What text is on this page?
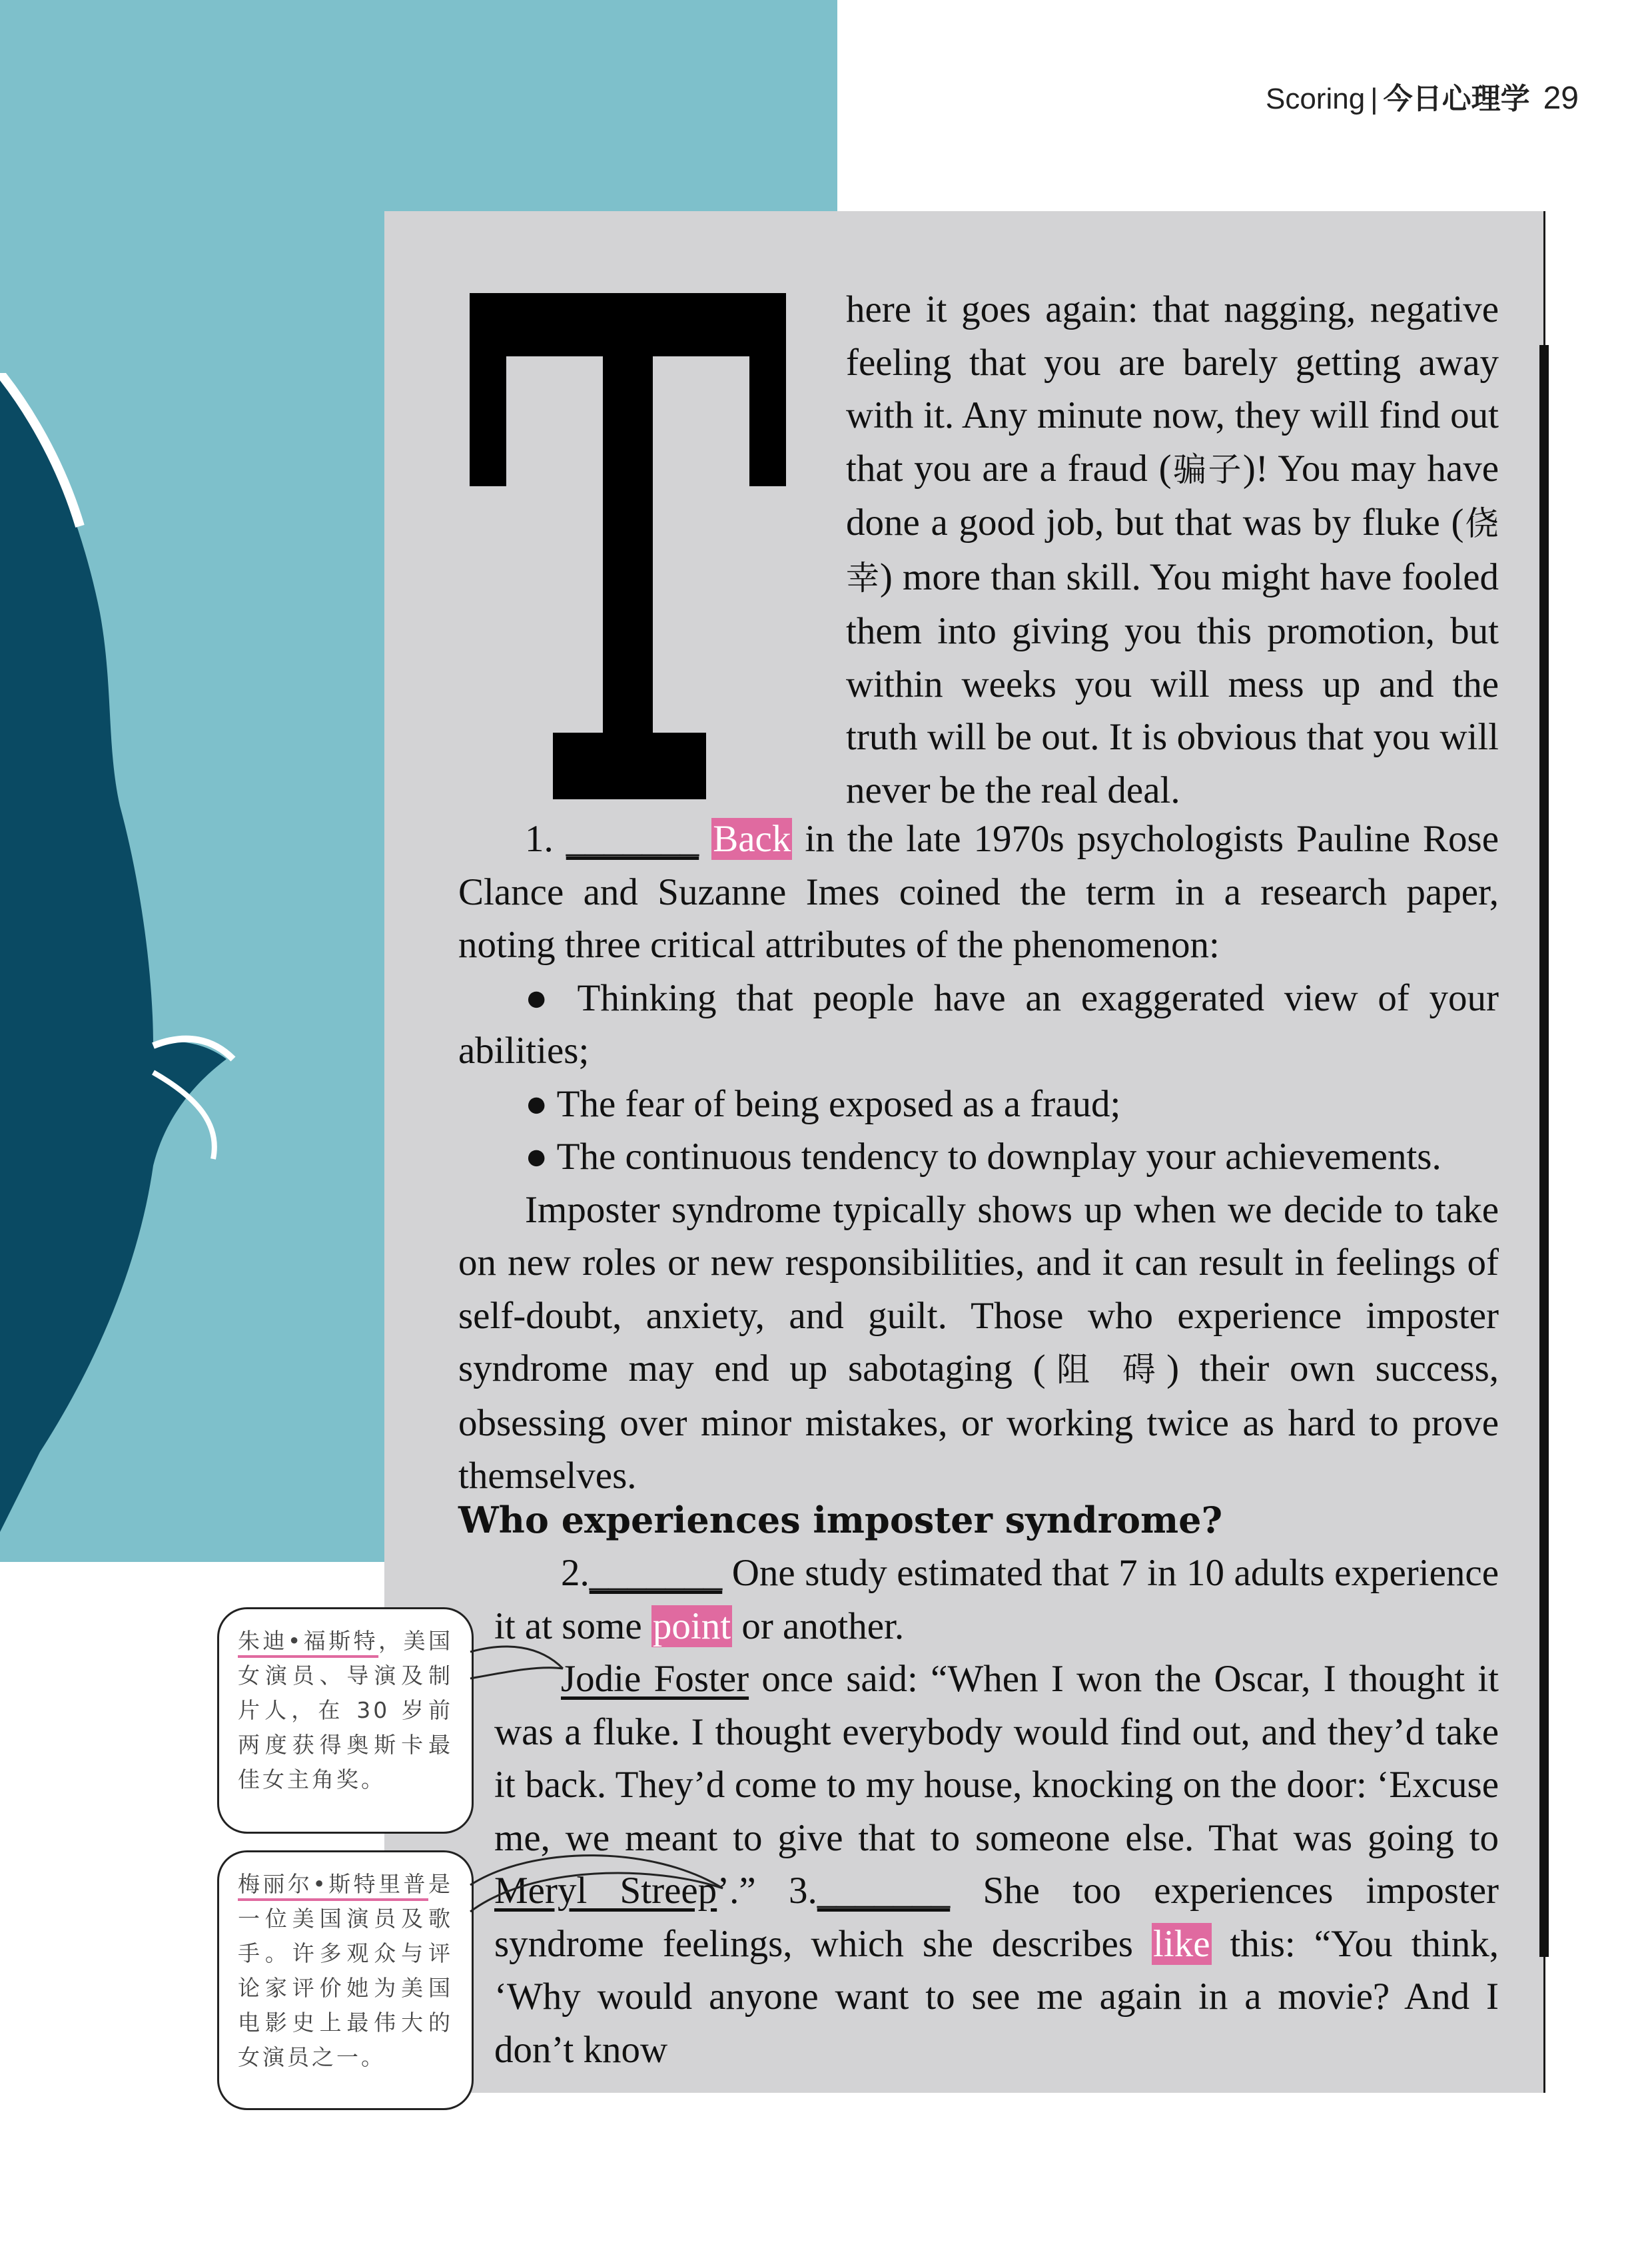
Scoring | 今日心理学 29

here it goes again: that nagging, negative feeling that you are barely getting away with it. Any minute now, they will find out that you are a fraud (骗子)! You may have done a good job, but that was by fluke (侥幸) more than skill. You might have fooled them into giving you this promotion, but within weeks you will mess up and the truth will be out. It is obvious that you will never be the real deal.

1. _______ Back in the late 1970s psychologists Pauline Rose Clance and Suzanne Imes coined the term in a research paper, noting three critical attributes of the phenomenon:

● Thinking that people have an exaggerated view of your abilities;

● The fear of being exposed as a fraud;

● The continuous tendency to downplay your achievements.

Imposter syndrome typically shows up when we decide to take on new roles or new responsibilities, and it can result in feelings of self-doubt, anxiety, and guilt. Those who experience imposter syndrome may end up sabotaging (阻 碍) their own success, obsessing over minor mistakes, or working twice as hard to prove themselves.

Who experiences imposter syndrome?

2._______ One study estimated that 7 in 10 adults experience it at some point or another.

Jodie Foster once said: “When I won the Oscar, I thought it was a fluke. I thought everybody would find out, and they’d take it back. They’d come to my house, knocking on the door: ‘Excuse me, we meant to give that to someone else. That was going to Meryl Streep’.” 3._______ She too experiences imposter syndrome feelings, which she describes like this: “You think, ‘Why would anyone want to see me again in a movie? And I don’t know

朱迪•福斯特，美国女演员、导演及制片人，在 30 岁前两度获得奥斯卡最佳女主角奖。
梅丽尔•斯特里普是一位美国演员及歌手。许多观众与评论家评价她为美国电影史上最伟大的女演员之一。
